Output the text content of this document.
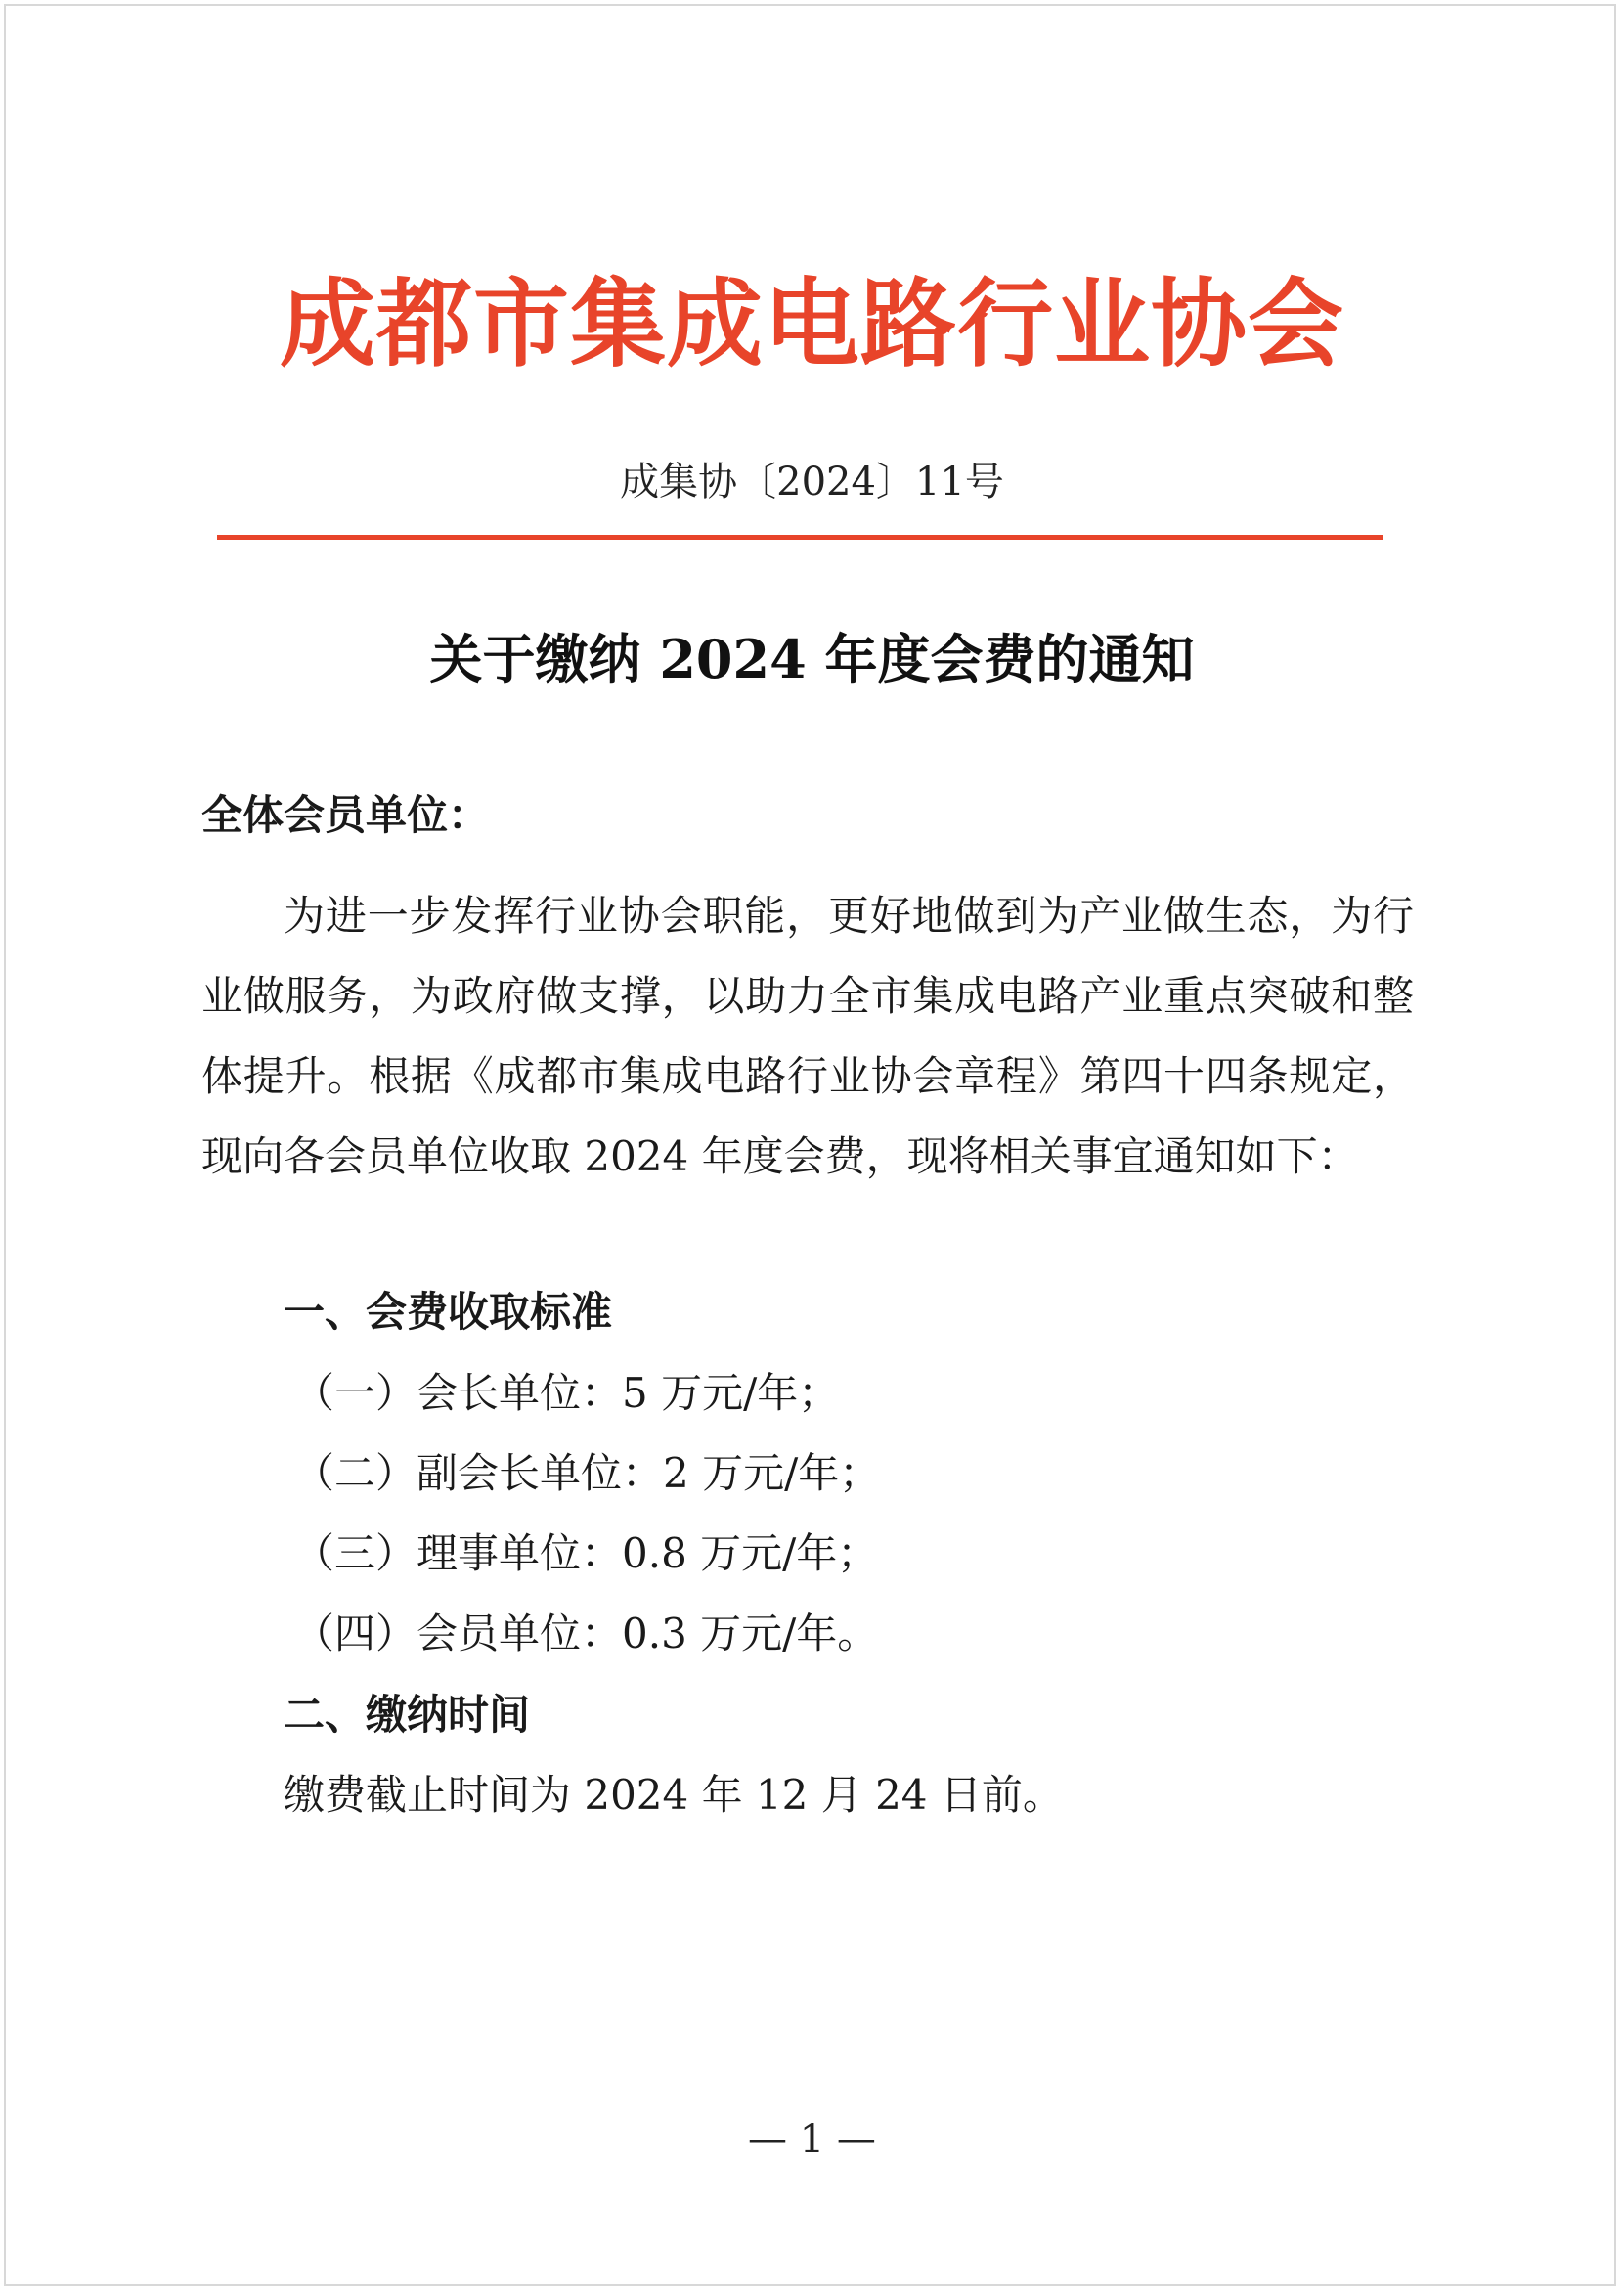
成都市集成电路行业协会
成集协〔2024〕11号
关于缴纳 2024 年度会费的通知
全体会员单位：
为进一步发挥行业协会职能，更好地做到为产业做生态，为行业做服务，为政府做支撑，以助力全市集成电路产业重点突破和整体提升。根据《成都市集成电路行业协会章程》第四十四条规定，现向各会员单位收取 2024 年度会费，现将相关事宜通知如下：
一、会费收取标准
（一）会长单位：5 万元/年；
（二）副会长单位：2 万元/年；
（三）理事单位：0.8 万元/年；
（四）会员单位：0.3 万元/年。
二、缴纳时间
缴费截止时间为 2024 年 12 月 24 日前。
— 1 —
